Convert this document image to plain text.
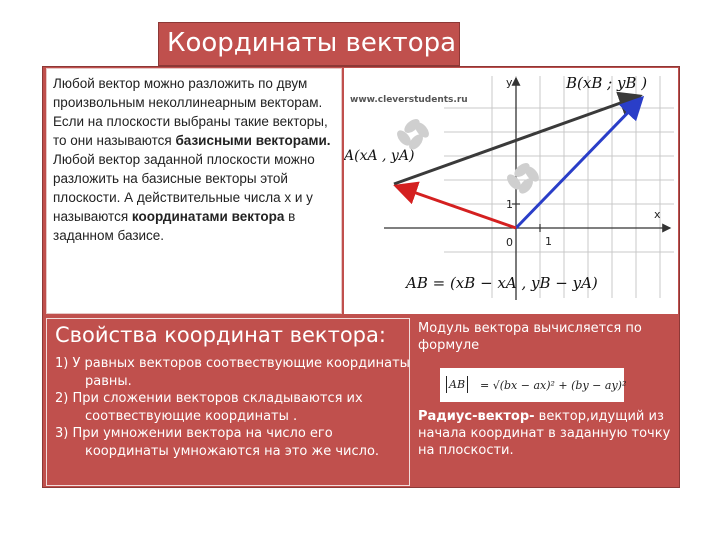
Координаты вектора
Любой вектор можно разложить по двум произвольным неколлинеарным векторам. Если на плоскости выбраны такие векторы, то они называются базисными векторами. Любой вектор заданной плоскости можно разложить на базисные векторы этой плоскости. А действительные числа x и y называются координатами вектора в заданном базисе.
www.cleverstudents.ru
y
x
0	1
1
B(xB ; yB )
A(xA , yA)
AB = (xB − xA , yB − yA)
Свойства координат вектора:

1) У равных векторов соотвествующие координаты равны.

2) При сложении векторов складываются их соотвествующие координаты .

3) При умножении вектора на число его координаты умножаются на это же число.

Модуль вектора вычисляется по формуле
AB = √(bx − ax)² + (by − ay)²
Радиус-вектор- вектор,идущий из начала координат в заданную точку на плоскости.
